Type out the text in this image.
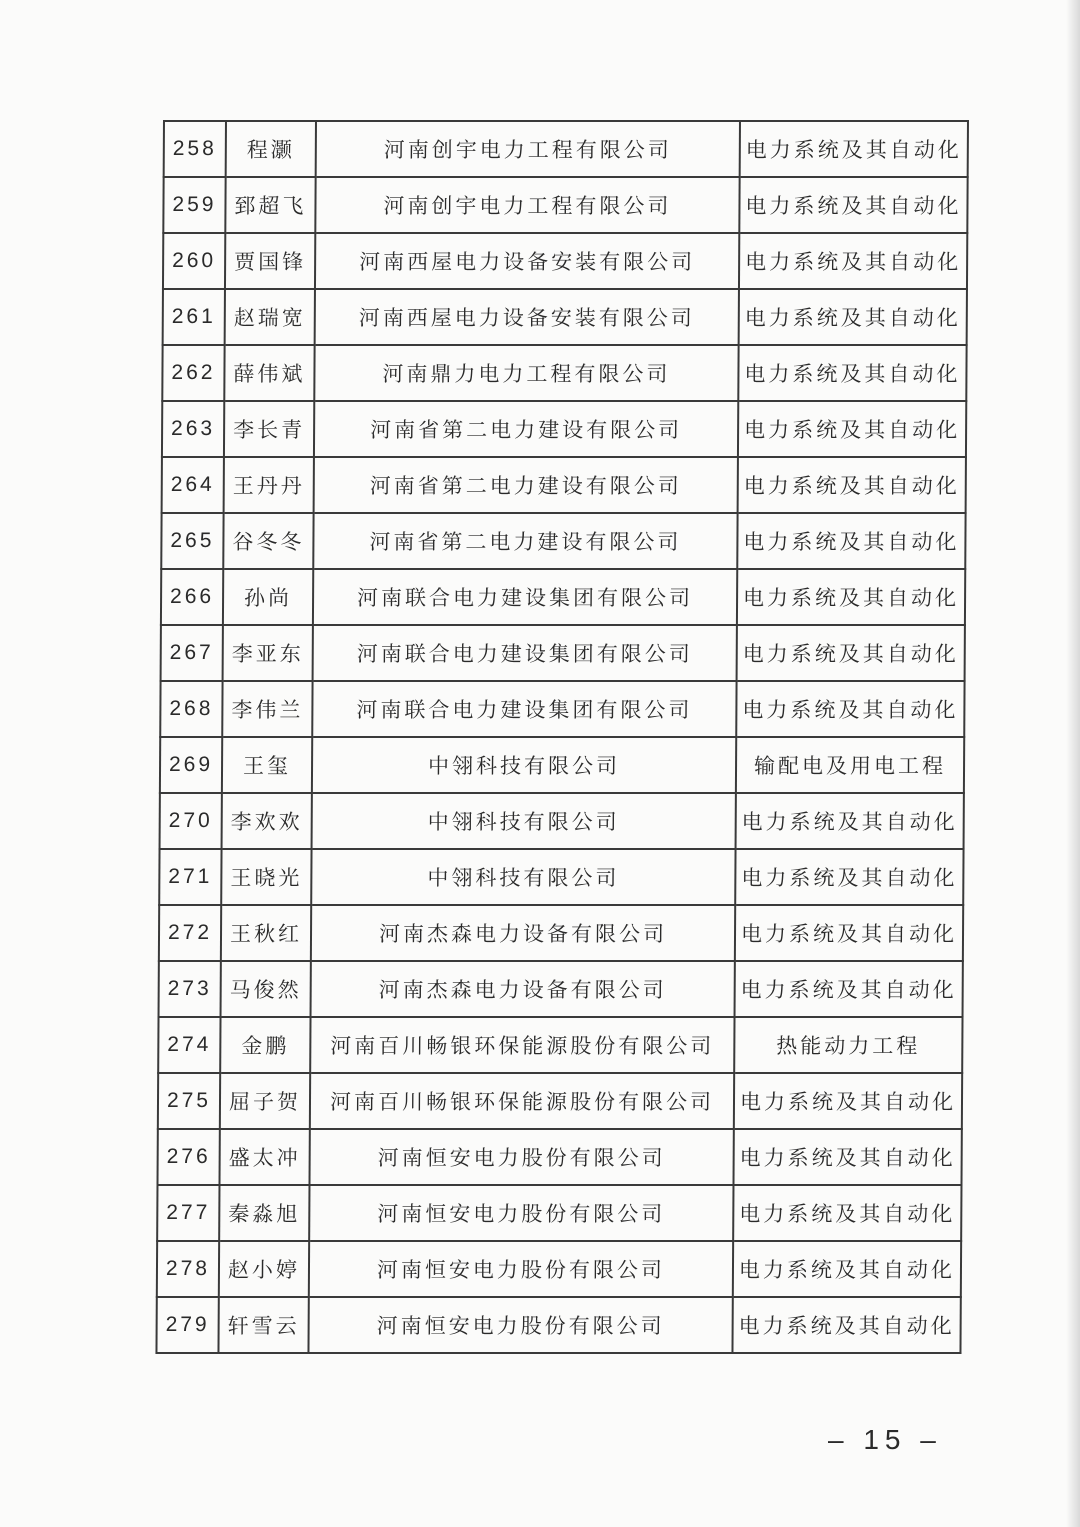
258	程灏	河南创宇电力工程有限公司	电力系统及其自动化
259	郅超飞	河南创宇电力工程有限公司	电力系统及其自动化
260	贾国锋	河南西屋电力设备安装有限公司	电力系统及其自动化
261	赵瑞宽	河南西屋电力设备安装有限公司	电力系统及其自动化
262	薛伟斌	河南鼎力电力工程有限公司	电力系统及其自动化
263	李长青	河南省第二电力建设有限公司	电力系统及其自动化
264	王丹丹	河南省第二电力建设有限公司	电力系统及其自动化
265	谷冬冬	河南省第二电力建设有限公司	电力系统及其自动化
266	孙尚	河南联合电力建设集团有限公司	电力系统及其自动化
267	李亚东	河南联合电力建设集团有限公司	电力系统及其自动化
268	李伟兰	河南联合电力建设集团有限公司	电力系统及其自动化
269	王玺	中翎科技有限公司	输配电及用电工程
270	李欢欢	中翎科技有限公司	电力系统及其自动化
271	王晓光	中翎科技有限公司	电力系统及其自动化
272	王秋红	河南杰森电力设备有限公司	电力系统及其自动化
273	马俊然	河南杰森电力设备有限公司	电力系统及其自动化
274	金鹏	河南百川畅银环保能源股份有限公司	热能动力工程
275	屈子贺	河南百川畅银环保能源股份有限公司	电力系统及其自动化
276	盛太冲	河南恒安电力股份有限公司	电力系统及其自动化
277	秦淼旭	河南恒安电力股份有限公司	电力系统及其自动化
278	赵小婷	河南恒安电力股份有限公司	电力系统及其自动化
279	轩雪云	河南恒安电力股份有限公司	电力系统及其自动化
– 15 –
